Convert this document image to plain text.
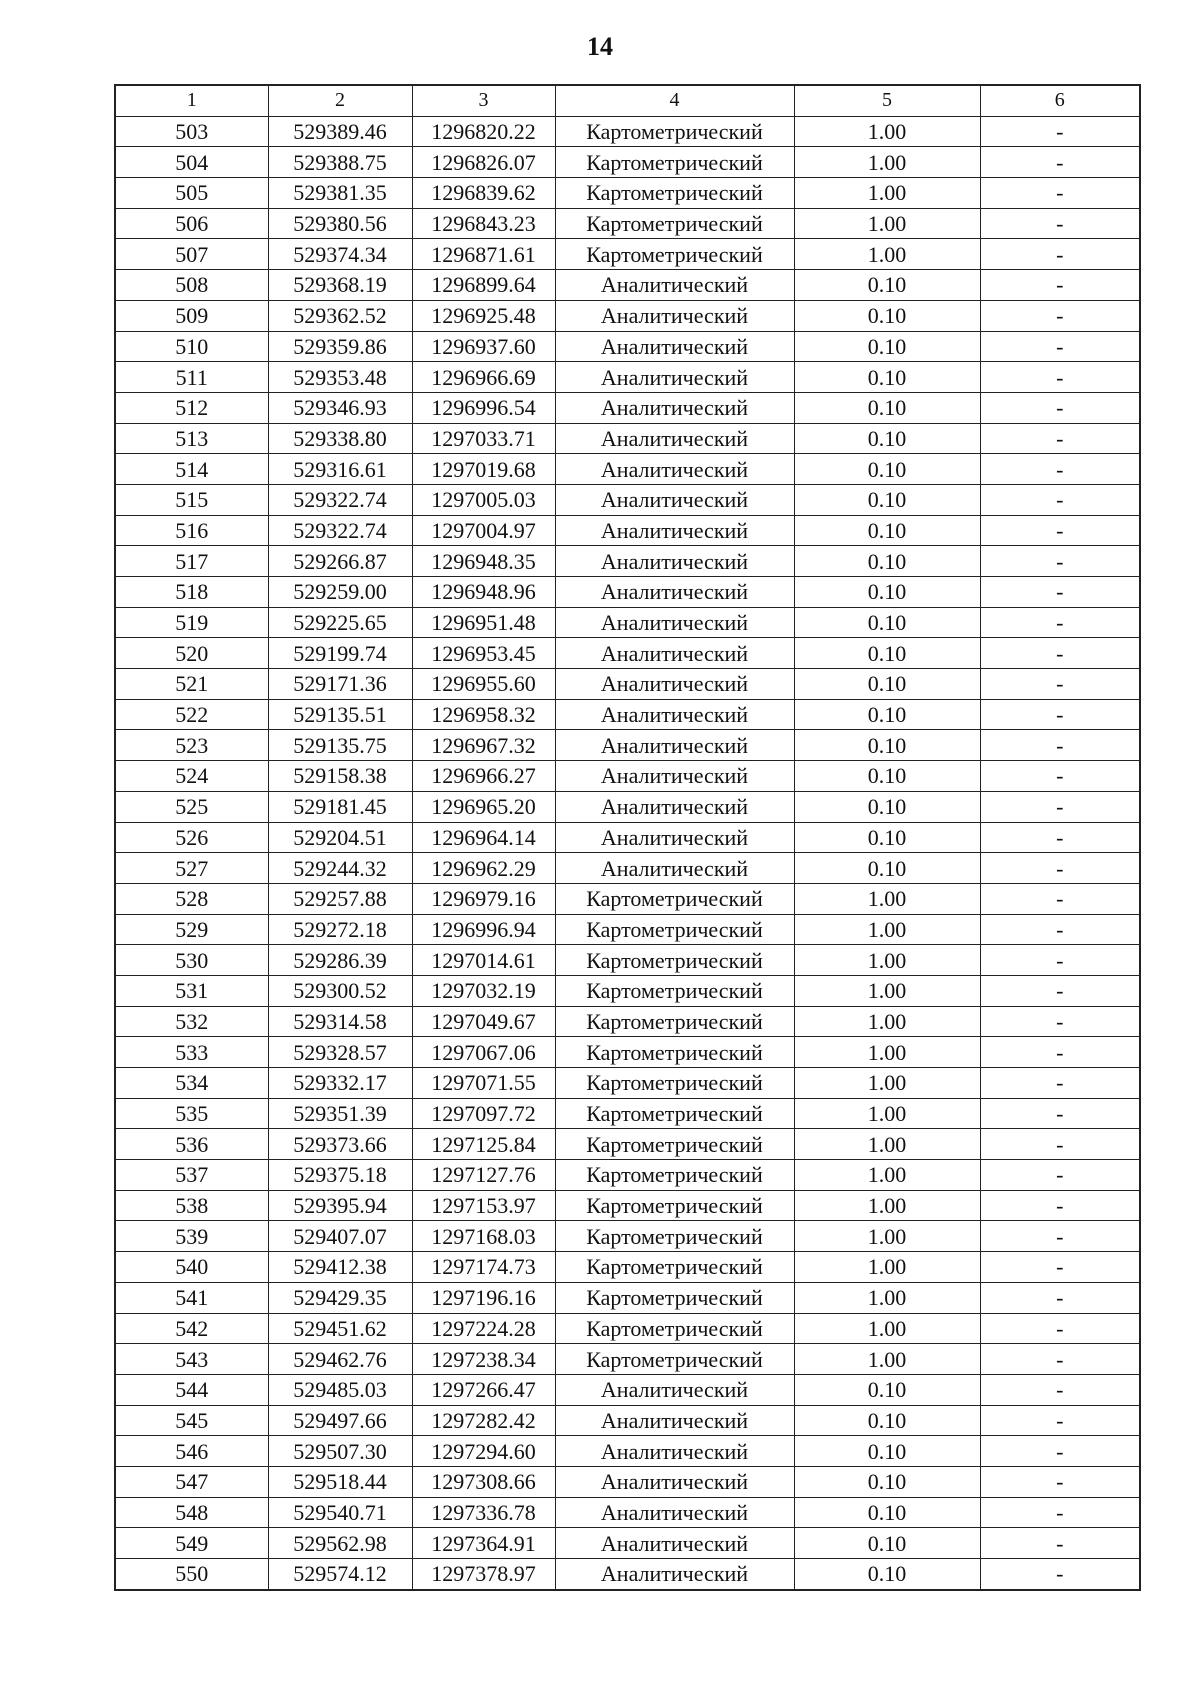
14
1	2	3	4	5	6
503	529389.46	1296820.22	Картометрический	1.00	-
504	529388.75	1296826.07	Картометрический	1.00	-
505	529381.35	1296839.62	Картометрический	1.00	-
506	529380.56	1296843.23	Картометрический	1.00	-
507	529374.34	1296871.61	Картометрический	1.00	-
508	529368.19	1296899.64	Аналитический	0.10	-
509	529362.52	1296925.48	Аналитический	0.10	-
510	529359.86	1296937.60	Аналитический	0.10	-
511	529353.48	1296966.69	Аналитический	0.10	-
512	529346.93	1296996.54	Аналитический	0.10	-
513	529338.80	1297033.71	Аналитический	0.10	-
514	529316.61	1297019.68	Аналитический	0.10	-
515	529322.74	1297005.03	Аналитический	0.10	-
516	529322.74	1297004.97	Аналитический	0.10	-
517	529266.87	1296948.35	Аналитический	0.10	-
518	529259.00	1296948.96	Аналитический	0.10	-
519	529225.65	1296951.48	Аналитический	0.10	-
520	529199.74	1296953.45	Аналитический	0.10	-
521	529171.36	1296955.60	Аналитический	0.10	-
522	529135.51	1296958.32	Аналитический	0.10	-
523	529135.75	1296967.32	Аналитический	0.10	-
524	529158.38	1296966.27	Аналитический	0.10	-
525	529181.45	1296965.20	Аналитический	0.10	-
526	529204.51	1296964.14	Аналитический	0.10	-
527	529244.32	1296962.29	Аналитический	0.10	-
528	529257.88	1296979.16	Картометрический	1.00	-
529	529272.18	1296996.94	Картометрический	1.00	-
530	529286.39	1297014.61	Картометрический	1.00	-
531	529300.52	1297032.19	Картометрический	1.00	-
532	529314.58	1297049.67	Картометрический	1.00	-
533	529328.57	1297067.06	Картометрический	1.00	-
534	529332.17	1297071.55	Картометрический	1.00	-
535	529351.39	1297097.72	Картометрический	1.00	-
536	529373.66	1297125.84	Картометрический	1.00	-
537	529375.18	1297127.76	Картометрический	1.00	-
538	529395.94	1297153.97	Картометрический	1.00	-
539	529407.07	1297168.03	Картометрический	1.00	-
540	529412.38	1297174.73	Картометрический	1.00	-
541	529429.35	1297196.16	Картометрический	1.00	-
542	529451.62	1297224.28	Картометрический	1.00	-
543	529462.76	1297238.34	Картометрический	1.00	-
544	529485.03	1297266.47	Аналитический	0.10	-
545	529497.66	1297282.42	Аналитический	0.10	-
546	529507.30	1297294.60	Аналитический	0.10	-
547	529518.44	1297308.66	Аналитический	0.10	-
548	529540.71	1297336.78	Аналитический	0.10	-
549	529562.98	1297364.91	Аналитический	0.10	-
550	529574.12	1297378.97	Аналитический	0.10	-
